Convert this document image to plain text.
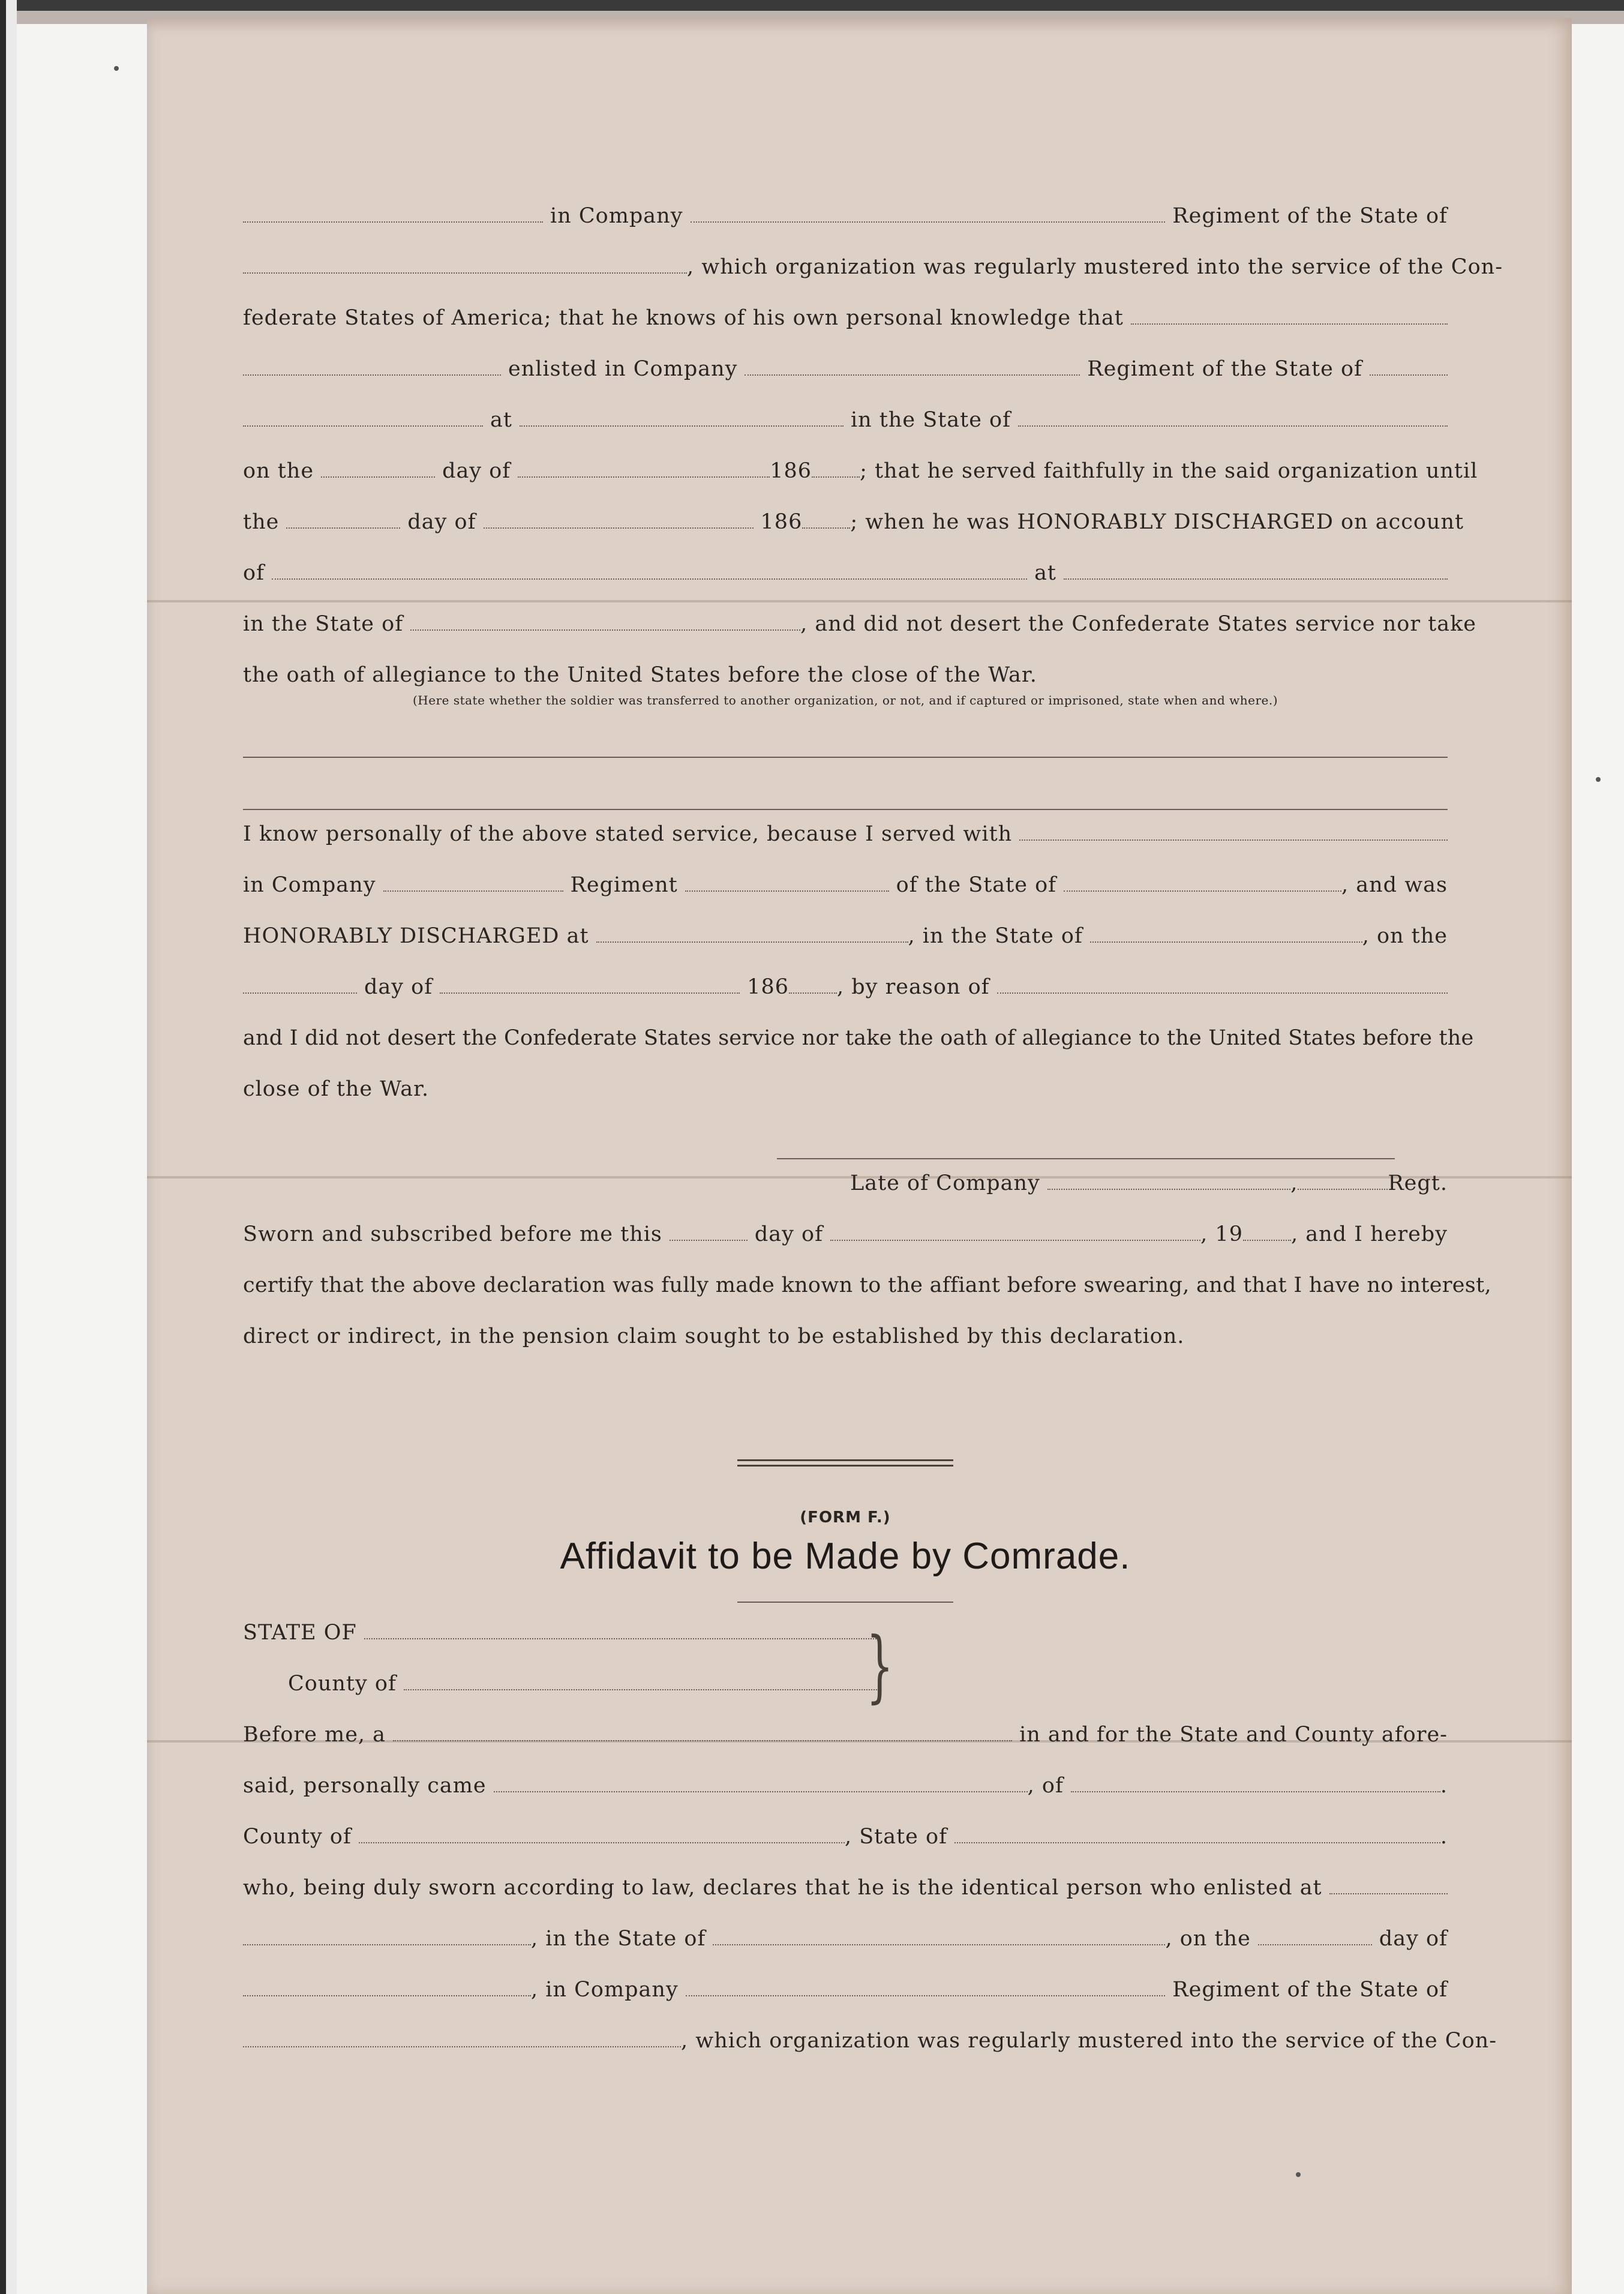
in Company	Regiment of the State of
, which organization was regularly mustered into the service of the Con-
federate States of America; that he knows of his own personal knowledge that
enlisted in Company	Regiment of the State of
at	in the State of
on the	day of	186 ; that he served faithfully in the said organization until
the	day of	186 ; when he was HONORABLY DISCHARGED on account
of	at
in the State of	, and did not desert the Confederate States service nor take
the oath of allegiance to the United States before the close of the War.
(Here state whether the soldier was transferred to another organization, or not, and if captured or imprisoned, state when and where.)
I know personally of the above stated service, because I served with
in Company	Regiment	of the State of	, and was
HONORABLY DISCHARGED at	, in the State of	, on the
day of	186 , by reason of
and I did not desert the Confederate States service nor take the oath of allegiance to the United States before the
close of the War.
Late of Company	,	Regt.
Sworn and subscribed before me this	day of	, 19 , and I hereby
certify that the above declaration was fully made known to the affiant before swearing, and that I have no interest,
direct or indirect, in the pension claim sought to be established by this declaration.
(FORM F.)
Affidavit to be Made by Comrade.
STATE OF
County of	}
Before me, a	in and for the State and County afore-
said, personally came	, of	.
County of	, State of	.
who, being duly sworn according to law, declares that he is the identical person who enlisted at
, in the State of	, on the	day of
, in Company	Regiment of the State of
, which organization was regularly mustered into the service of the Con-
